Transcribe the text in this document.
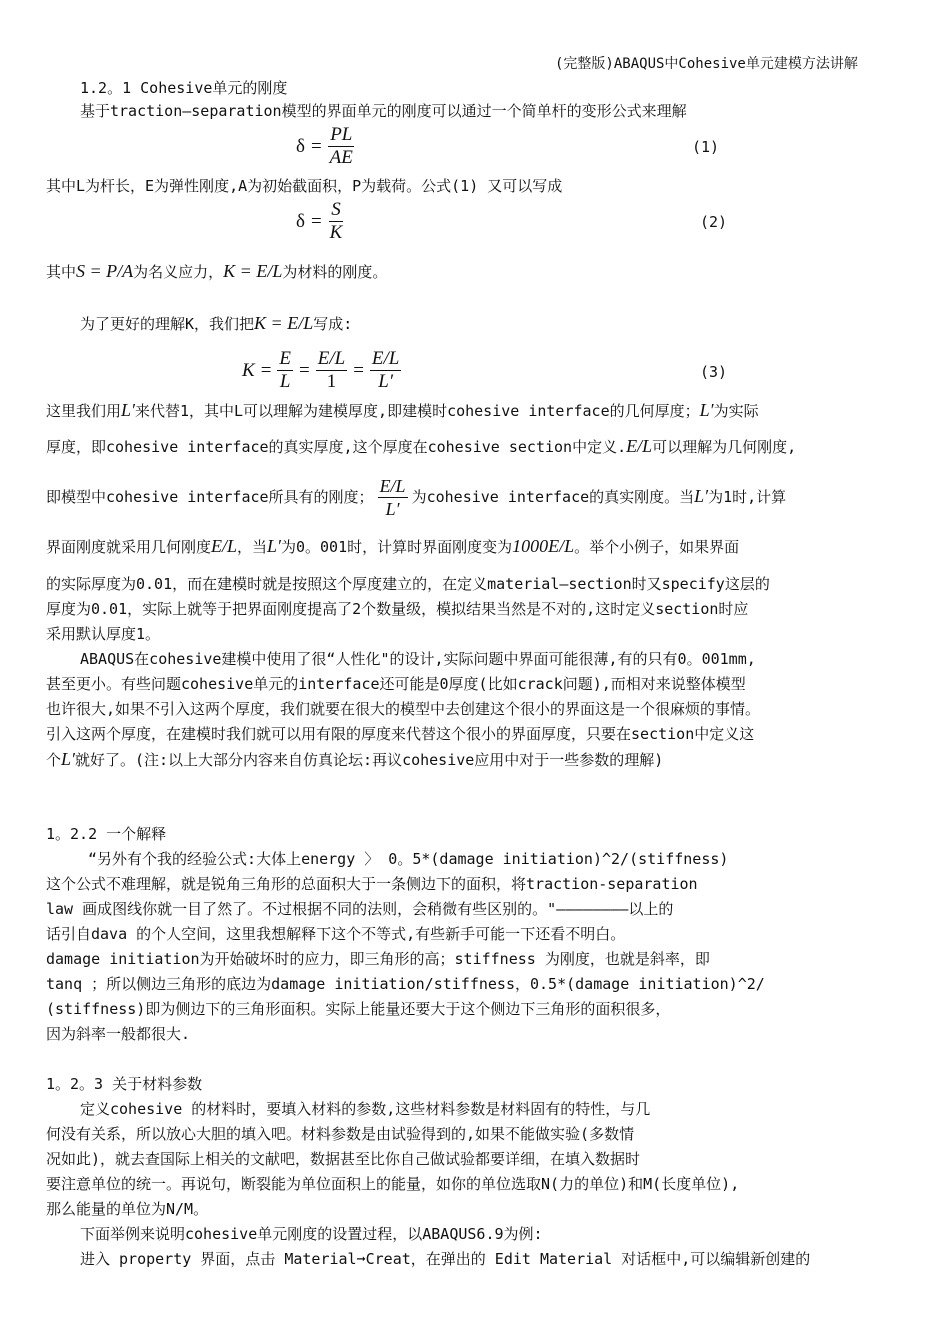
(完整版)ABAQUS中Cohesive单元建模方法讲解
1.2。1 Cohesive单元的刚度
基于traction—separation模型的界面单元的刚度可以通过一个简单杆的变形公式来理解
$\delta = \frac{PL}{AE}$	(1)
其中L为杆长，E为弹性刚度,A为初始截面积，P为载荷。公式(1) 又可以写成
$\delta = \frac{S}{K}$	(2)
其中S = P/A为名义应力，K = E/L为材料的刚度。
为了更好的理解K，我们把K = E/L写成:
$K = \frac{E}{L} = \frac{E/L}{1} = \frac{E/L}{L'}$	(3)
这里我们用L′来代替1，其中L可以理解为建模厚度,即建模时cohesive interface的几何厚度；L′为实际
厚度，即cohesive interface的真实厚度,这个厚度在cohesive section中定义.E/L可以理解为几何刚度,
即模型中cohesive interface所具有的刚度； $\frac{E/L}{L'}$ 为cohesive interface的真实刚度。当L′为1时,计算
界面刚度就采用几何刚度E/L，当L′为0。001时，计算时界面刚度变为1000E/L。举个小例子，如果界面
的实际厚度为0.01，而在建模时就是按照这个厚度建立的，在定义material—section时又specify这层的
厚度为0.01，实际上就等于把界面刚度提高了2个数量级，模拟结果当然是不对的,这时定义section时应
采用默认厚度1。
ABAQUS在cohesive建模中使用了很“人性化"的设计,实际问题中界面可能很薄,有的只有0。001mm,
甚至更小。有些问题cohesive单元的interface还可能是0厚度(比如crack问题),而相对来说整体模型
也许很大,如果不引入这两个厚度，我们就要在很大的模型中去创建这个很小的界面这是一个很麻烦的事情。
引入这两个厚度，在建模时我们就可以用有限的厚度来代替这个很小的界面厚度，只要在section中定义这
个L′就好了。(注:以上大部分内容来自仿真论坛:再议cohesive应用中对于一些参数的理解)
1。2.2 一个解释
“另外有个我的经验公式:大体上energy 〉 0。5*(damage initiation)^2/(stiffness)
这个公式不难理解，就是锐角三角形的总面积大于一条侧边下的面积，将traction-separation
law 画成图线你就一目了然了。不过根据不同的法则，会稍微有些区别的。"————————以上的
话引自dava 的个人空间，这里我想解释下这个不等式,有些新手可能一下还看不明白。
damage initiation为开始破坏时的应力，即三角形的高；stiffness 为刚度，也就是斜率，即
tanq ；所以侧边三角形的底边为damage initiation/stiffness，0.5*(damage initiation)^2/
(stiffness)即为侧边下的三角形面积。实际上能量还要大于这个侧边下三角形的面积很多，
因为斜率一般都很大.
1。2。3 关于材料参数
定义cohesive 的材料时，要填入材料的参数,这些材料参数是材料固有的特性，与几
何没有关系，所以放心大胆的填入吧。材料参数是由试验得到的,如果不能做实验(多数情
况如此)，就去查国际上相关的文献吧，数据甚至比你自己做试验都要详细，在填入数据时
要注意单位的统一。再说句，断裂能为单位面积上的能量，如你的单位选取N(力的单位)和M(长度单位),
那么能量的单位为N/M。
下面举例来说明cohesive单元刚度的设置过程，以ABAQUS6.9为例:
进入 property 界面，点击 Material➞Creat，在弹出的 Edit Material 对话框中,可以编辑新创建的
